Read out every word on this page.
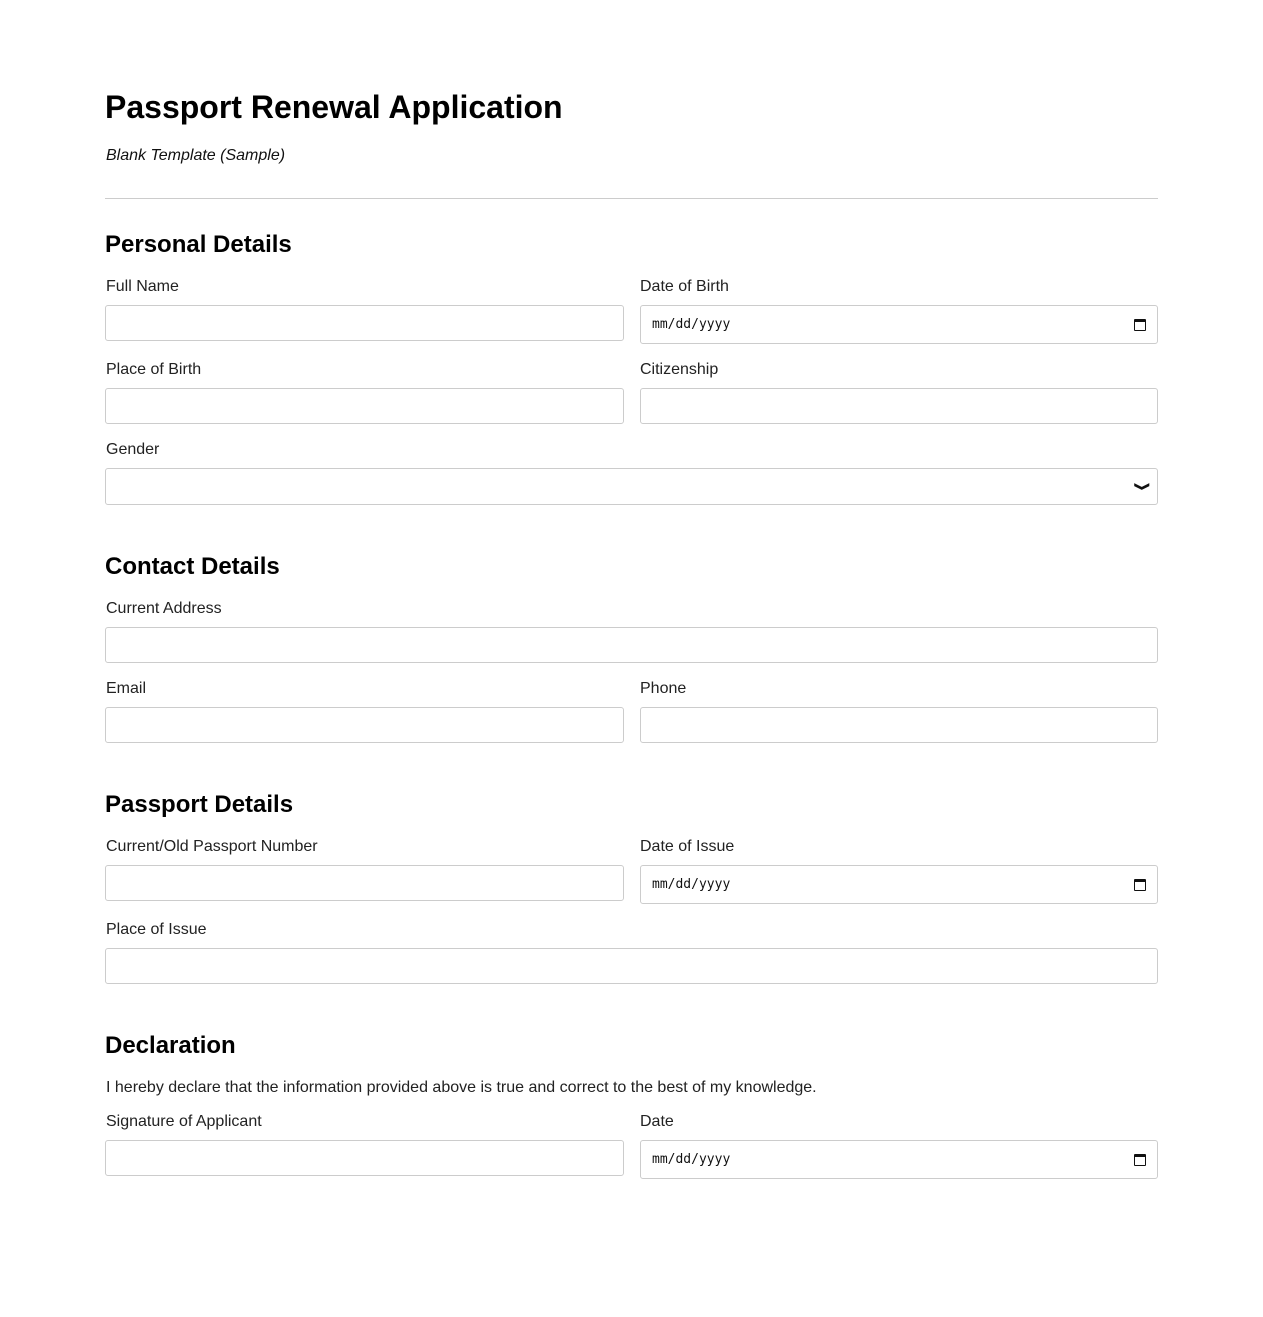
Passport Renewal Application
Blank Template (Sample)
Personal Details
Full Name	Date of Birth
mm/dd/yyyy
Place of Birth	Citizenship
Gender
❯
Contact Details
Current Address
Email	Phone
Passport Details
Current/Old Passport Number	Date of Issue
mm/dd/yyyy
Place of Issue
Declaration
I hereby declare that the information provided above is true and correct to the best of my knowledge.
Signature of Applicant	Date
mm/dd/yyyy
